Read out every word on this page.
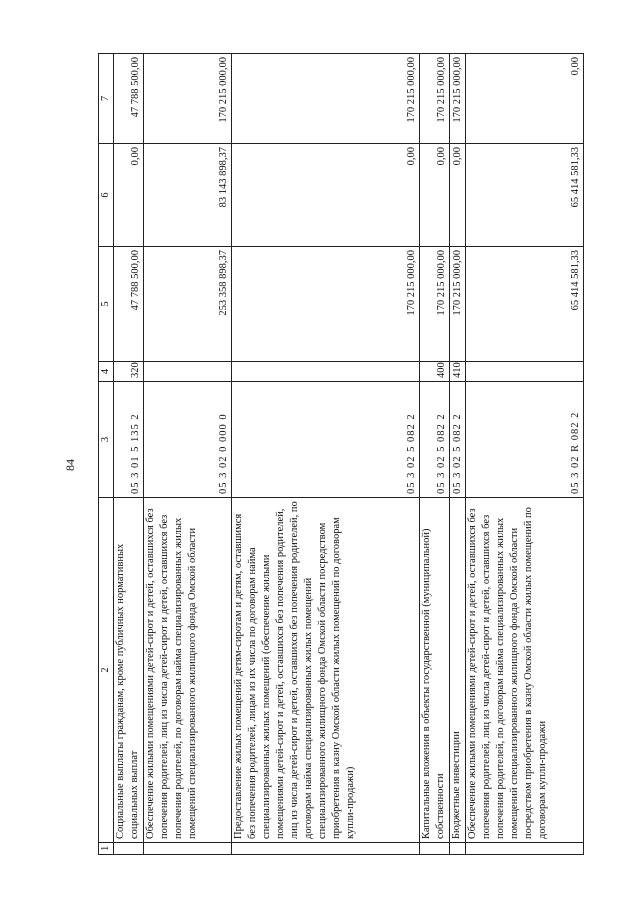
84
1	2	3	4	5	6	7
	Социальные выплаты гражданам, кроме публичных нормативных социальных выплат	05 3 01 5 135 2	320	47 788 500,00	0,00	47 788 500,00
	Обеспечение жилыми помещениями детей-сирот и детей, оставшихся без попечения родителей, лиц из числа детей-сирот и детей, оставшихся без попечения родителей, по договорам найма специализированных жилых помещений специализированного жилищного фонда Омской области	05 3 02 0 000 0		253 358 898,37	83 143 898,37	170 215 000,00
	Предоставление жилых помещений детям-сиротам и детям, оставшимся без попечения родителей, лицам из их числа по договорам найма специализированных жилых помещений (обеспечение жилыми помещениями детей-сирот и детей, оставшихся без попечения родителей, лиц из числа детей-сирот и детей, оставшихся без попечения родителей, по договорам найма специализированных жилых помещений специализированного жилищного фонда Омской области посредством приобретения в казну Омской области жилых помещений по договорам купли-продажи)	05 3 02 5 082 2		170 215 000,00	0,00	170 215 000,00
	Капитальные вложения в объекты государственной (муниципальной) собственности	05 3 02 5 082 2	400	170 215 000,00	0,00	170 215 000,00
	Бюджетные инвестиции	05 3 02 5 082 2	410	170 215 000,00	0,00	170 215 000,00
	Обеспечение жилыми помещениями детей-сирот и детей, оставшихся без попечения родителей, лиц из числа детей-сирот и детей, оставшихся без попечения родителей, по договорам найма специализированных жилых помещений специализированного жилищного фонда Омской области посредством приобретения в казну Омской области жилых помещений по договорам купли-продажи	05 3 02 R 082 2		65 414 581,33	65 414 581,33	0,00
